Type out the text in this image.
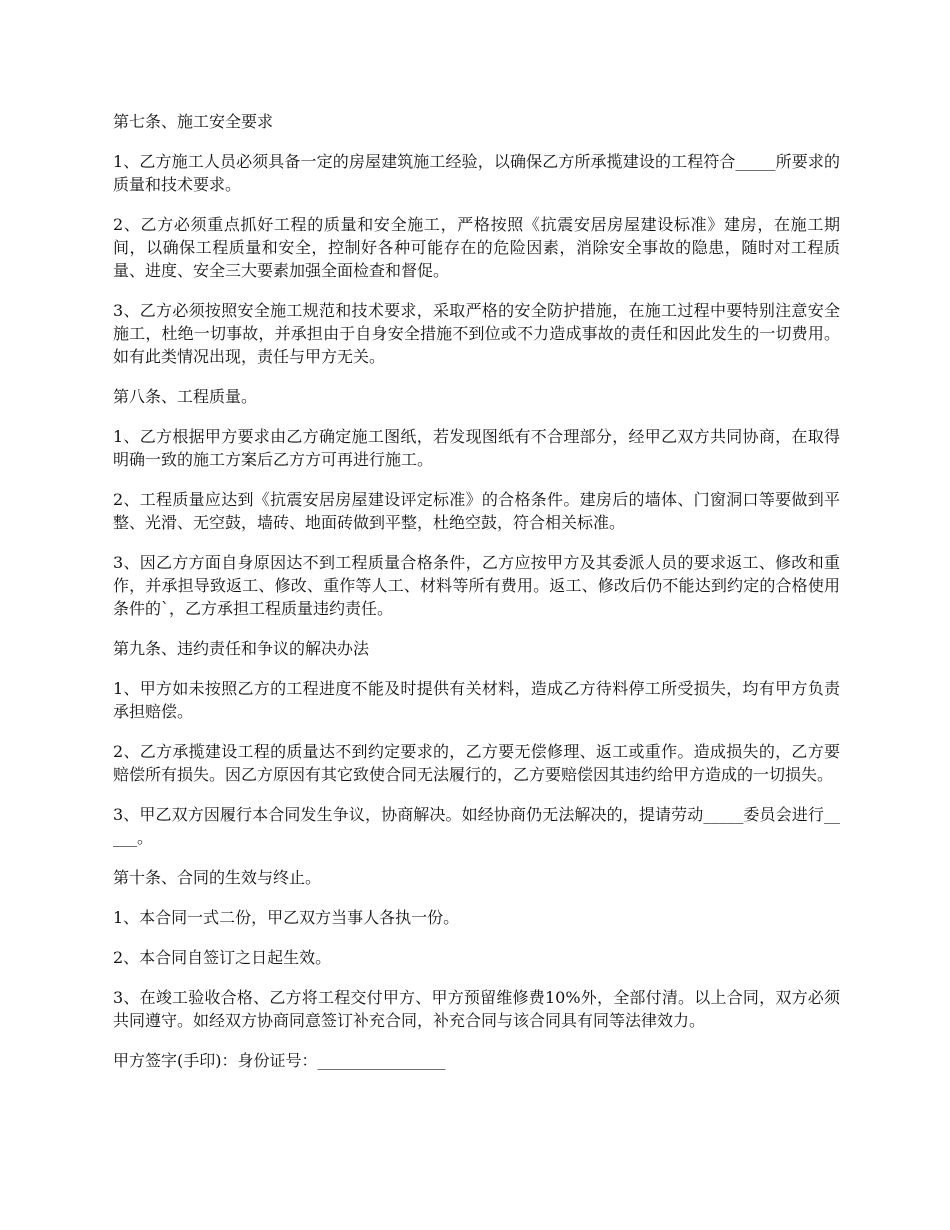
第七条、施工安全要求

1、乙方施工人员必须具备一定的房屋建筑施工经验，以确保乙方所承揽建设的工程符合_____所要求的质量和技术要求。

2、乙方必须重点抓好工程的质量和安全施工，严格按照《抗震安居房屋建设标准》建房，在施工期间，以确保工程质量和安全，控制好各种可能存在的危险因素，消除安全事故的隐患，随时对工程质量、进度、安全三大要素加强全面检查和督促。

3、乙方必须按照安全施工规范和技术要求，采取严格的安全防护措施，在施工过程中要特别注意安全施工，杜绝一切事故，并承担由于自身安全措施不到位或不力造成事故的责任和因此发生的一切费用。如有此类情况出现，责任与甲方无关。

第八条、工程质量。

1、乙方根据甲方要求由乙方确定施工图纸，若发现图纸有不合理部分，经甲乙双方共同协商，在取得明确一致的施工方案后乙方方可再进行施工。

2、工程质量应达到《抗震安居房屋建设评定标准》的合格条件。建房后的墙体、门窗洞口等要做到平整、光滑、无空鼓，墙砖、地面砖做到平整，杜绝空鼓，符合相关标准。

3、因乙方方面自身原因达不到工程质量合格条件，乙方应按甲方及其委派人员的要求返工、修改和重作，并承担导致返工、修改、重作等人工、材料等所有费用。返工、修改后仍不能达到约定的合格使用条件的`，乙方承担工程质量违约责任。

第九条、违约责任和争议的解决办法

1、甲方如未按照乙方的工程进度不能及时提供有关材料，造成乙方待料停工所受损失，均有甲方负责承担赔偿。

2、乙方承揽建设工程的质量达不到约定要求的，乙方要无偿修理、返工或重作。造成损失的，乙方要赔偿所有损失。因乙方原因有其它致使合同无法履行的，乙方要赔偿因其违约给甲方造成的一切损失。

3、甲乙双方因履行本合同发生争议，协商解决。如经协商仍无法解决的，提请劳动_____委员会进行_____。

第十条、合同的生效与终止。

1、本合同一式二份，甲乙双方当事人各执一份。

2、本合同自签订之日起生效。

3、在竣工验收合格、乙方将工程交付甲方、甲方预留维修费10%外，全部付清。以上合同，双方必须共同遵守。如经双方协商同意签订补充合同，补充合同与该合同具有同等法律效力。

甲方签字(手印)：身份证号：________________
